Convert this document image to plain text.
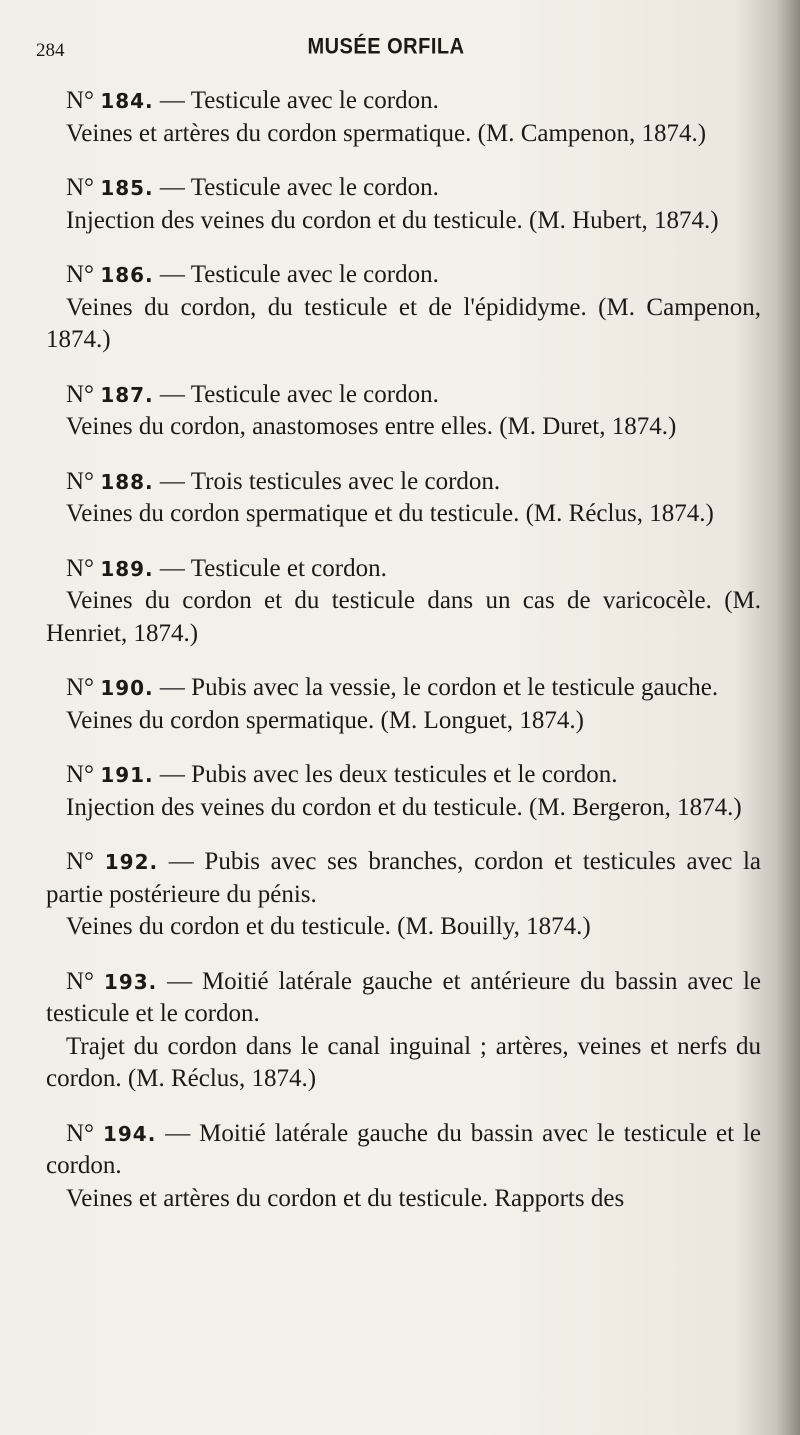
284	MUSÉE ORFILA

N° 184. — Testicule avec le cordon.

Veines et artères du cordon spermatique. (M. Campenon, 1874.)

N° 185. — Testicule avec le cordon.

Injection des veines du cordon et du testicule. (M. Hubert, 1874.)

N° 186. — Testicule avec le cordon.

Veines du cordon, du testicule et de l'épididyme. (M. Campenon, 1874.)

N° 187. — Testicule avec le cordon.

Veines du cordon, anastomoses entre elles. (M. Duret, 1874.)

N° 188. — Trois testicules avec le cordon.

Veines du cordon spermatique et du testicule. (M. Réclus, 1874.)

N° 189. — Testicule et cordon.

Veines du cordon et du testicule dans un cas de varicocèle. (M. Henriet, 1874.)

N° 190. — Pubis avec la vessie, le cordon et le testicule gauche.

Veines du cordon spermatique. (M. Longuet, 1874.)

N° 191. — Pubis avec les deux testicules et le cordon.

Injection des veines du cordon et du testicule. (M. Bergeron, 1874.)

N° 192. — Pubis avec ses branches, cordon et testicules avec la partie postérieure du pénis.

Veines du cordon et du testicule. (M. Bouilly, 1874.)

N° 193. — Moitié latérale gauche et antérieure du bassin avec le testicule et le cordon.

Trajet du cordon dans le canal inguinal ; artères, veines et nerfs du cordon. (M. Réclus, 1874.)

N° 194. — Moitié latérale gauche du bassin avec le testicule et le cordon.

Veines et artères du cordon et du testicule. Rapports des
